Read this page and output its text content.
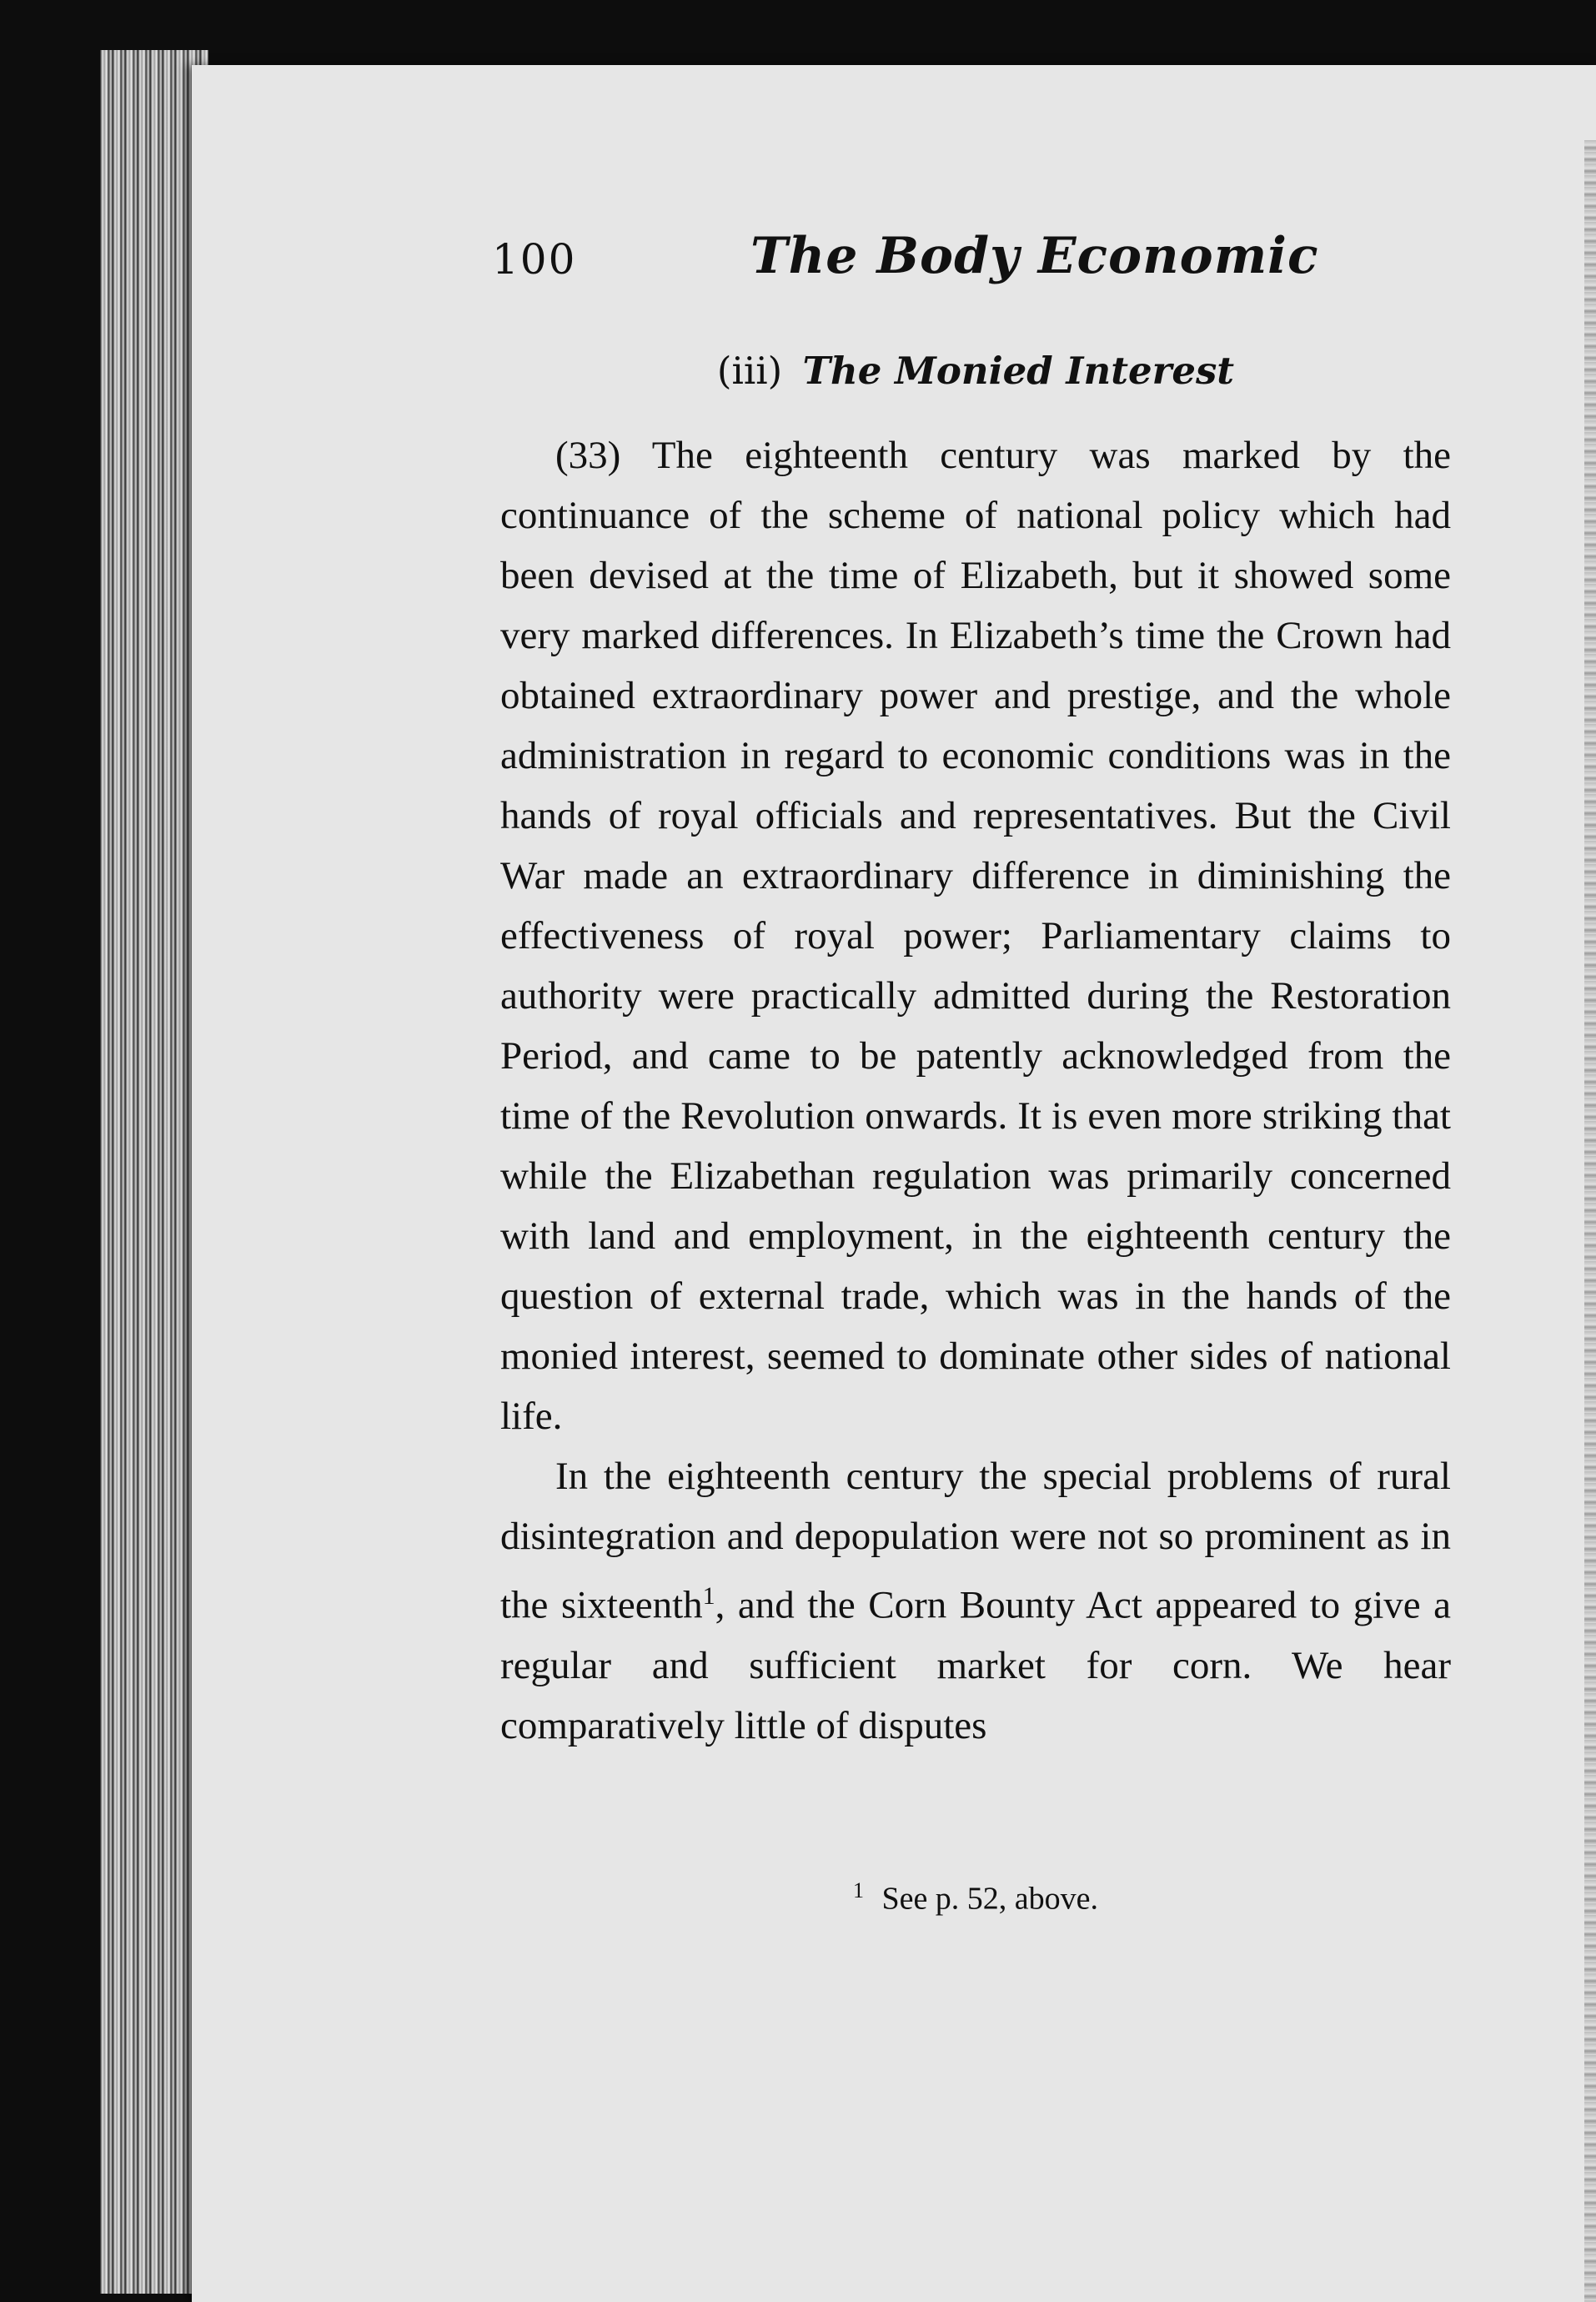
100	The Body Economic
(iii) The Monied Interest

(33) The eighteenth century was marked by the continuance of the scheme of national policy which had been devised at the time of Elizabeth, but it showed some very marked differences. In Elizabeth’s time the Crown had obtained extraordinary power and prestige, and the whole administration in regard to economic conditions was in the hands of royal officials and representatives. But the Civil War made an extraordinary difference in diminishing the effectiveness of royal power; Parliamentary claims to authority were practically admitted during the Restoration Period, and came to be patently acknowledged from the time of the Revolution onwards. It is even more striking that while the Elizabethan regulation was primarily concerned with land and employment, in the eighteenth century the question of external trade, which was in the hands of the monied interest, seemed to dominate other sides of national life.

In the eighteenth century the special problems of rural disintegration and depopulation were not so prominent as in the sixteenth$^1$, and the Corn Bounty Act appeared to give a regular and sufficient market for corn. We hear comparatively little of disputes

$^1$ See p. 52, above.
